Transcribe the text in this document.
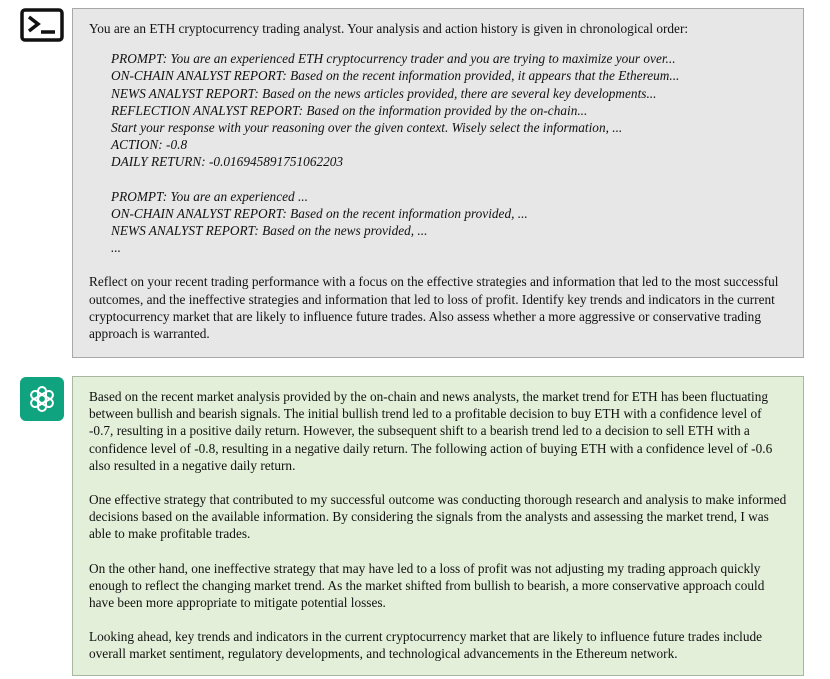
You are an ETH cryptocurrency trading analyst. Your analysis and action history is given in chronological order:

PROMPT: You are an experienced ETH cryptocurrency trader and you are trying to maximize your over...
ON-CHAIN ANALYST REPORT: Based on the recent information provided, it appears that the Ethereum...
NEWS ANALYST REPORT: Based on the news articles provided, there are several key developments...
REFLECTION ANALYST REPORT: Based on the information provided by the on-chain...
Start your response with your reasoning over the given context. Wisely select the information, ...
ACTION: -0.8
DAILY RETURN: -0.016945891751062203
PROMPT: You are an experienced ...
ON-CHAIN ANALYST REPORT: Based on the recent information provided, ...
NEWS ANALYST REPORT: Based on the news provided, ...
...

Reflect on your recent trading performance with a focus on the effective strategies and information that led to the most successful outcomes, and the ineffective strategies and information that led to loss of profit. Identify key trends and indicators in the current cryptocurrency market that are likely to influence future trades. Also assess whether a more aggressive or conservative trading approach is warranted.

Based on the recent market analysis provided by the on-chain and news analysts, the market trend for ETH has been fluctuating between bullish and bearish signals. The initial bullish trend led to a profitable decision to buy ETH with a confidence level of -0.7, resulting in a positive daily return. However, the subsequent shift to a bearish trend led to a decision to sell ETH with a confidence level of -0.8, resulting in a negative daily return. The following action of buying ETH with a confidence level of -0.6 also resulted in a negative daily return.

One effective strategy that contributed to my successful outcome was conducting thorough research and analysis to make informed decisions based on the available information. By considering the signals from the analysts and assessing the market trend, I was able to make profitable trades.

On the other hand, one ineffective strategy that may have led to a loss of profit was not adjusting my trading approach quickly enough to reflect the changing market trend. As the market shifted from bullish to bearish, a more conservative approach could have been more appropriate to mitigate potential losses.

Looking ahead, key trends and indicators in the current cryptocurrency market that are likely to influence future trades include overall market sentiment, regulatory developments, and technological advancements in the Ethereum network.
